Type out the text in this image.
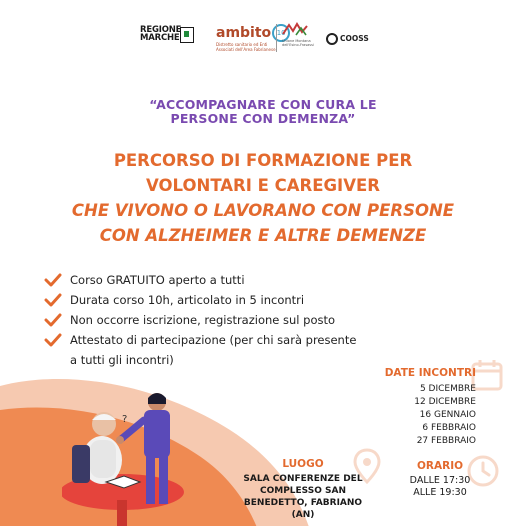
REGIONE
MARCHE	ambito 10
Distretto sanitario ed Enti Associati dell'Area Fabrianese
Unione Montana dell'Esino-Frasassi
COOSS
“ACCOMPAGNARE CON CURA LE
PERSONE CON DEMENZA”
PERCORSO DI FORMAZIONE PER
VOLONTARI E CAREGIVER
CHE VIVONO O LAVORANO CON PERSONE
CON ALZHEIMER E ALTRE DEMENZE
Corso GRATUITO aperto a tutti
Durata corso 10h, articolato in 5 incontri
Non occorre iscrizione, registrazione sul posto
Attestato di partecipazione (per chi sarà presente
a tutti gli incontri)
?
DATE INCONTRI
5 DICEMBRE
12 DICEMBRE
16 GENNAIO
6 FEBBRAIO
27 FEBBRAIO
LUOGO
SALA CONFERENZE DEL
COMPLESSO SAN
BENEDETTO, FABRIANO (AN)
ORARIO
DALLE 17:30
ALLE 19:30
